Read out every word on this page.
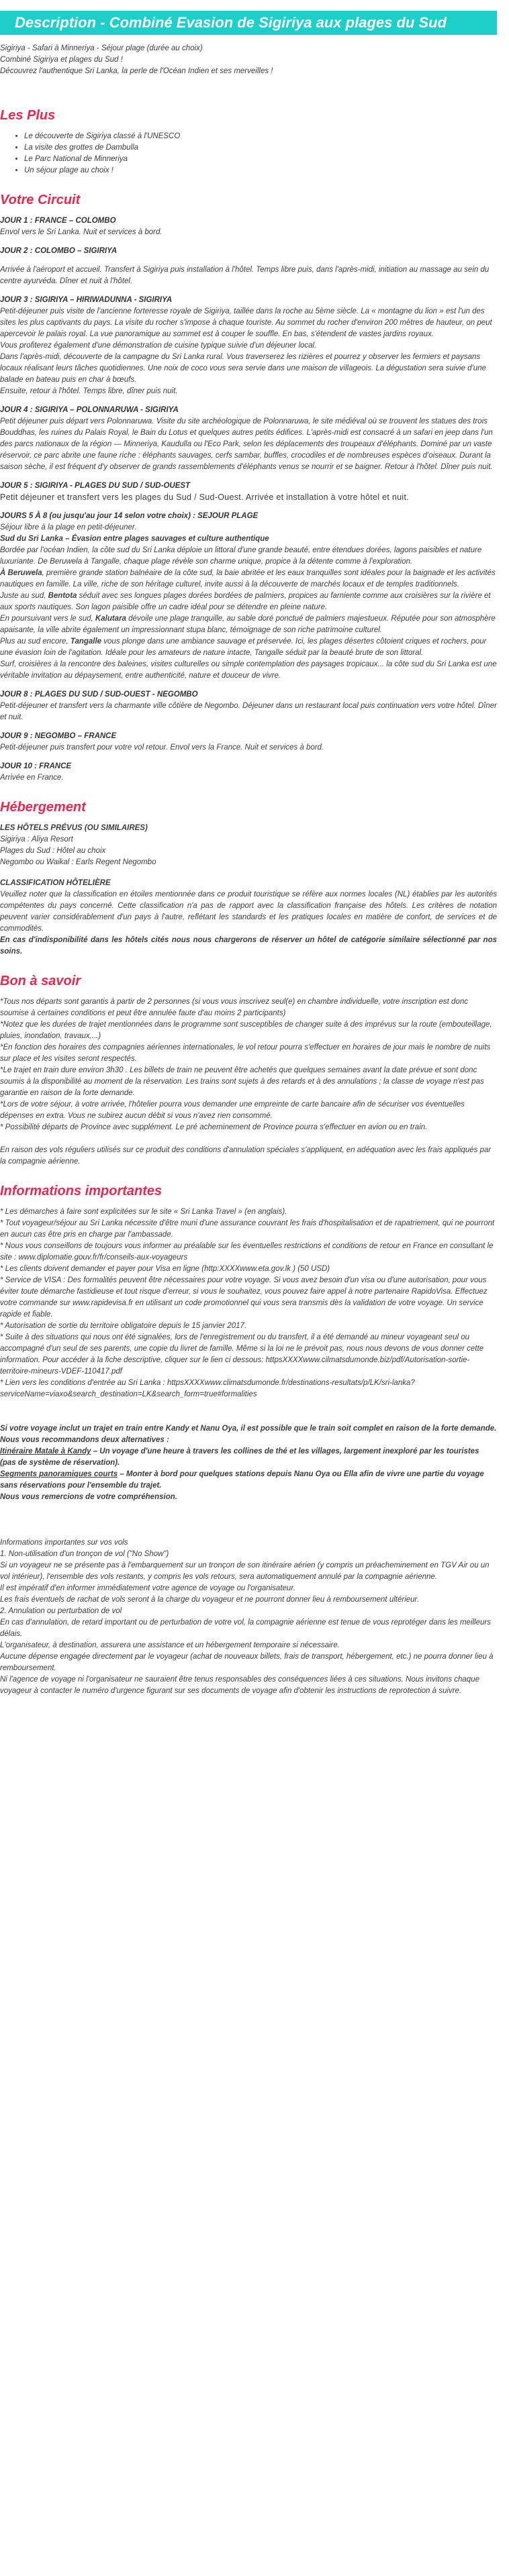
Description - Combiné Evasion de Sigiriya aux plages du Sud

Sigiriya - Safari à Minneriya - Séjour plage (durée au choix)

Combiné Sigiriya et plages du Sud !

Découvrez l'authentique Sri Lanka, la perle de l'Océan Indien et ses merveilles !

Les Plus
• Le découverte de Sigiriya classé à l'UNESCO
• La visite des grottes de Dambulla
• Le Parc National de Minneriya
• Un séjour plage au choix !
Votre Circuit
JOUR 1 : FRANCE – COLOMBO

Envol vers le Sri Lanka. Nuit et services à bord.

JOUR 2 : COLOMBO – SIGIRIYA
Arrivée à l'aéroport et accueil. Transfert à Sigiriya puis installation à l'hôtel. Temps libre puis, dans l'après-midi, initiation au massage au sein du centre ayurvéda. Dîner et nuit à l'hôtel.
JOUR 3 : SIGIRIYA – HIRIWADUNNA - SIGIRIYA

Petit-déjeuner puis visite de l'ancienne forteresse royale de Sigiriya, taillée dans la roche au 5ème siècle. La « montagne du lion » est l'un des sites les plus captivants du pays. La visite du rocher s'impose à chaque touriste. Au sommet du rocher d'environ 200 mètres de hauteur, on peut apercevoir le palais royal. La vue panoramique au sommet est à couper le souffle. En bas, s'étendent de vastes jardins royaux.

Vous profiterez également d'une démonstration de cuisine typique suivie d'un déjeuner local.

Dans l'après-midi, découverte de la campagne du Sri Lanka rural. Vous traverserez les rizières et pourrez y observer les fermiers et paysans locaux réalisant leurs tâches quotidiennes. Une noix de coco vous sera servie dans une maison de villageois. La dégustation sera suivie d'une balade en bateau puis en char à bœufs.

Ensuite, retour à l'hôtel. Temps libre, dîner puis nuit.

JOUR 4 : SIGIRIYA – POLONNARUWA - SIGIRIYA

Petit déjeuner puis départ vers Polonnaruwa. Visite du site archéologique de Polonnaruwa, le site médiéval où se trouvent les statues des trois Bouddhas, les ruines du Palais Royal, le Bain du Lotus et quelques autres petits édifices. L'après-midi est consacré à un safari en jeep dans l'un des parcs nationaux de la région — Minneriya, Kaudulla ou l'Eco Park, selon les déplacements des troupeaux d'éléphants. Dominé par un vaste réservoir, ce parc abrite une faune riche : éléphants sauvages, cerfs sambar, buffles, crocodiles et de nombreuses espèces d'oiseaux. Durant la saison sèche, il est fréquent d'y observer de grands rassemblements d'éléphants venus se nourrir et se baigner. Retour à l'hôtel. Dîner puis nuit.

JOUR 5 : SIGIRIYA - PLAGES DU SUD / SUD-OUEST

Petit déjeuner et transfert vers les plages du Sud / Sud-Ouest. Arrivée et installation à votre hôtel et nuit.

JOURS 5 À 8 (ou jusqu'au jour 14 selon votre choix) : SEJOUR PLAGE

Séjour libre à la plage en petit-déjeuner.

Sud du Sri Lanka – Évasion entre plages sauvages et culture authentique

Bordée par l'océan Indien, la côte sud du Sri Lanka déploie un littoral d'une grande beauté, entre étendues dorées, lagons paisibles et nature luxuriante. De Beruwela à Tangalle, chaque plage révèle son charme unique, propice à la détente comme à l'exploration.

À Beruwela, première grande station balnéaire de la côte sud, la baie abritée et les eaux tranquilles sont idéales pour la baignade et les activités nautiques en famille. La ville, riche de son héritage culturel, invite aussi à la découverte de marchés locaux et de temples traditionnels.

Juste au sud, Bentota séduit avec ses longues plages dorées bordées de palmiers, propices au farniente comme aux croisières sur la rivière et aux sports nautiques. Son lagon paisible offre un cadre idéal pour se détendre en pleine nature.

En poursuivant vers le sud, Kalutara dévoile une plage tranquille, au sable doré ponctué de palmiers majestueux. Réputée pour son atmosphère apaisante, la ville abrite également un impressionnant stupa blanc, témoignage de son riche patrimoine culturel.

Plus au sud encore, Tangalle vous plonge dans une ambiance sauvage et préservée. Ici, les plages désertes côtoient criques et rochers, pour une évasion loin de l'agitation. Idéale pour les amateurs de nature intacte, Tangalle séduit par la beauté brute de son littoral.

Surf, croisières à la rencontre des baleines, visites culturelles ou simple contemplation des paysages tropicaux... la côte sud du Sri Lanka est une véritable invitation au dépaysement, entre authenticité, nature et douceur de vivre.

JOUR 8 : PLAGES DU SUD / SUD-OUEST - NEGOMBO

Petit-déjeuner et transfert vers la charmante ville côtière de Negombo. Déjeuner dans un restaurant local puis continuation vers votre hôtel. Dîner et nuit.

JOUR 9 : NEGOMBO – FRANCE

Petit-déjeuner puis transfert pour votre vol retour. Envol vers la France. Nuit et services à bord.

JOUR 10 : FRANCE

Arrivée en France.

Hébergement
LES HÔTELS PRÉVUS (OU SIMILAIRES)

Sigiriya : Aliya Resort

Plages du Sud : Hôtel au choix

Negombo ou Waikal : Earls Regent Negombo

CLASSIFICATION HÔTELIÈRE

Veuillez noter que la classification en étoiles mentionnée dans ce produit touristique se réfère aux normes locales (NL) établies par les autorités compétentes du pays concerné. Cette classification n'a pas de rapport avec la classification française des hôtels. Les critères de notation peuvent varier considérablement d'un pays à l'autre, reflétant les standards et les pratiques locales en matière de confort, de services et de commodités.

En cas d'indisponibilité dans les hôtels cités nous nous chargerons de réserver un hôtel de catégorie similaire sélectionné par nos soins.

Bon à savoir

*Tous nos départs sont garantis à partir de 2 personnes (si vous vous inscrivez seul(e) en chambre individuelle, votre inscription est donc soumise à certaines conditions et peut être annulée faute d'au moins 2 participants)

*Notez que les durées de trajet mentionnées dans le programme sont susceptibles de changer suite à des imprévus sur la route (embouteillage, pluies, inondation, travaux,...)

*En fonction des horaires des compagnies aériennes internationales, le vol retour pourra s'effectuer en horaires de jour mais le nombre de nuits sur place et les visites seront respectés.

*Le trajet en train dure environ 3h30 . Les billets de train ne peuvent être achetés que quelques semaines avant la date prévue et sont donc soumis à la disponibilité au moment de la réservation. Les trains sont sujets à des retards et à des annulations ; la classe de voyage n'est pas garantie en raison de la forte demande.

*Lors de votre séjour, à votre arrivée, l'hôtelier pourra vous demander une empreinte de carte bancaire afin de sécuriser vos éventuelles dépenses en extra. Vous ne subirez aucun débit si vous n'avez rien consommé.

* Possibilité départs de Province avec supplément. Le pré acheminement de Province pourra s'effectuer en avion ou en train.

En raison des vols réguliers utilisés sur ce produit des conditions d'annulation spéciales s'appliquent, en adéquation avec les frais appliqués par la compagnie aérienne.

Informations importantes

* Les démarches à faire sont explicitées sur le site « Sri Lanka Travel » (en anglais).

* Tout voyageur/séjour au Sri Lanka nécessite d'être muni d'une assurance couvrant les frais d'hospitalisation et de rapatriement, qui ne pourront en aucun cas être pris en charge par l'ambassade.

* Nous vous conseillons de toujours vous informer au préalable sur les éventuelles restrictions et conditions de retour en France en consultant le site : www.diplomatie.gouv.fr/fr/conseils-aux-voyageurs

* Les clients doivent demander et payer pour Visa en ligne (http:XXXXwww.eta.gov.lk ) (50 USD)

* Service de VISA : Des formalités peuvent être nécessaires pour votre voyage. Si vous avez besoin d'un visa ou d'une autorisation, pour vous éviter toute démarche fastidieuse et tout risque d'erreur, si vous le souhaitez, vous pouvez faire appel à notre partenaire RapidoVisa. Effectuez votre commande sur www.rapidevisa.fr en utilisant un code promotionnel qui vous sera transmis dès la validation de votre voyage. Un service rapide et fiable.

* Autorisation de sortie du territoire obligatoire depuis le 15 janvier 2017.

* Suite à des situations qui nous ont été signalées, lors de l'enregistrement ou du transfert, il a été demandé au mineur voyageant seul ou accompagné d'un seul de ses parents, une copie du livret de famille. Même si la loi ne le prévoit pas, nous nous devons de vous donner cette information. Pour accéder à la fiche descriptive, cliquer sur le lien ci dessous: httpsXXXXwww.cilmatsdumonde.biz/pdf/Autorisation-sortie-territoire-mineurs-VDEF-110417.pdf

* Lien vers les conditions d'entrée au Sri Lanka : httpsXXXXwww.climatsdumonde.fr/destinations-resultats/p/LK/sri-lanka?serviceName=viaxo&search_destination=LK&search_form=true#formalities

Si votre voyage inclut un trajet en train entre Kandy et Nanu Oya, il est possible que le train soit complet en raison de la forte demande.

Nous vous recommandons deux alternatives :

Itinéraire Matale à Kandy – Un voyage d'une heure à travers les collines de thé et les villages, largement inexploré par les touristes (pas de système de réservation).

Segments panoramiques courts – Monter à bord pour quelques stations depuis Nanu Oya ou Ella afin de vivre une partie du voyage sans réservations pour l'ensemble du trajet.

Nous vous remercions de votre compréhension.

Informations importantes sur vos vols

1. Non-utilisation d'un tronçon de vol ("No Show")

Si un voyageur ne se présente pas à l'embarquement sur un tronçon de son itinéraire aérien (y compris un préacheminement en TGV Air ou un vol intérieur), l'ensemble des vols restants, y compris les vols retours, sera automatiquement annulé par la compagnie aérienne.

Il est impératif d'en informer immédiatement votre agence de voyage ou l'organisateur.

Les frais éventuels de rachat de vols seront à la charge du voyageur et ne pourront donner lieu à remboursement ultérieur.

2. Annulation ou perturbation de vol

En cas d'annulation, de retard important ou de perturbation de votre vol, la compagnie aérienne est tenue de vous reprotéger dans les meilleurs délais.

L'organisateur, à destination, assurera une assistance et un hébergement temporaire si nécessaire.

Aucune dépense engagée directement par le voyageur (achat de nouveaux billets, frais de transport, hébergement, etc.) ne pourra donner lieu à remboursement.

Ni l'agence de voyage ni l'organisateur ne sauraient être tenus responsables des conséquences liées à ces situations. Nous invitons chaque voyageur à contacter le numéro d'urgence figurant sur ses documents de voyage afin d'obtenir les instructions de reprotection à suivre.
